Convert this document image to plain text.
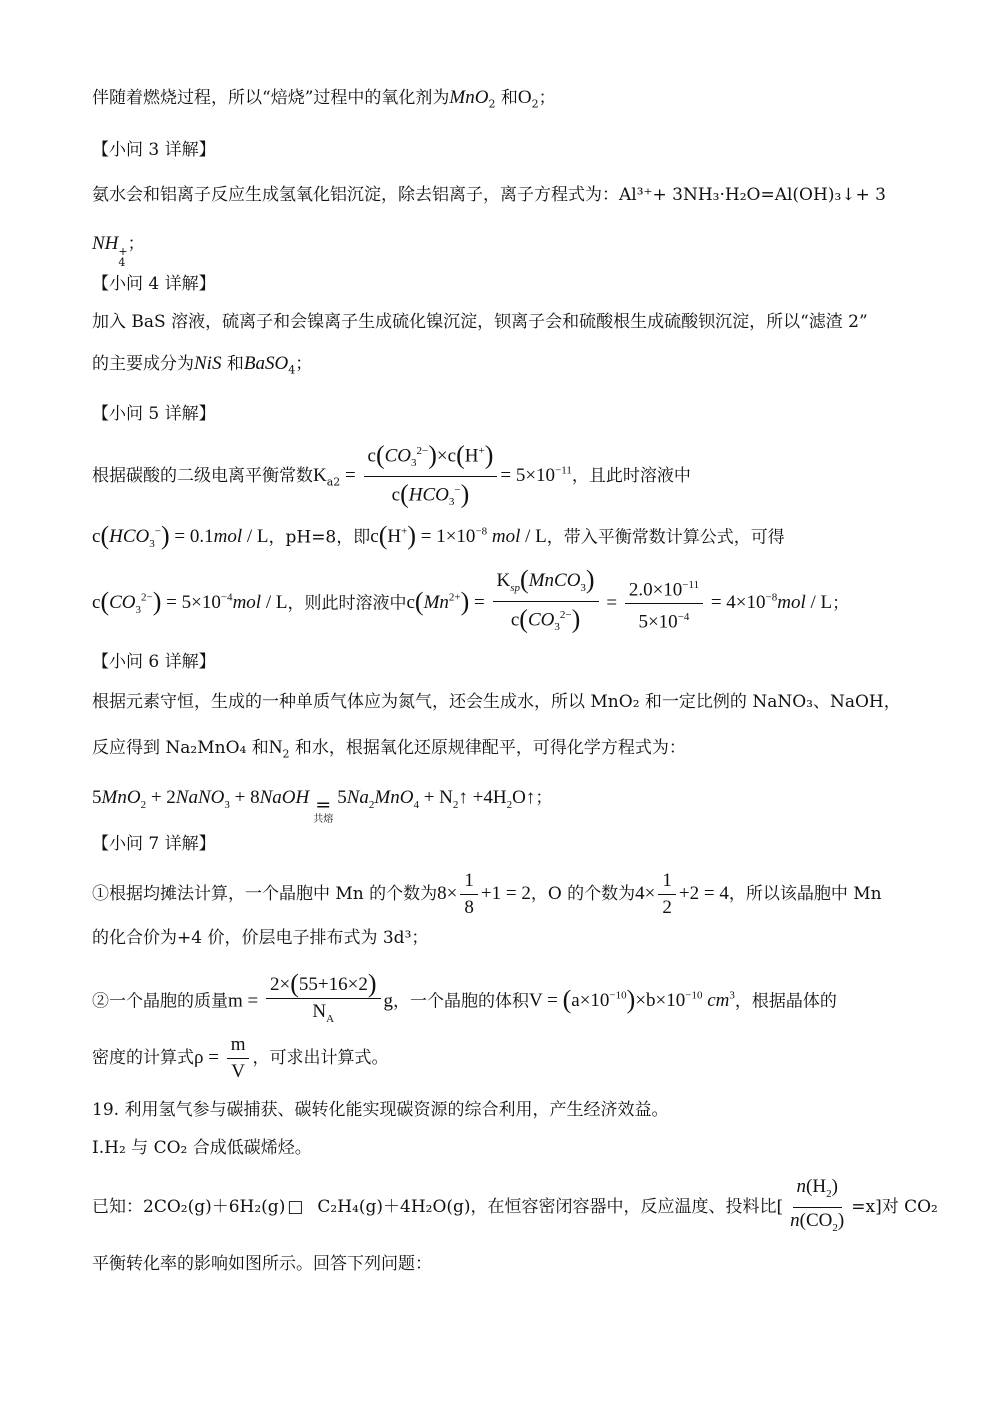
伴随着燃烧过程，所以“焙烧”过程中的氧化剂为MnO$_2$ 和$O_2$；
【小问 3 详解】
氨水会和铝离子反应生成氢氧化铝沉淀，除去铝离子，离子方程式为：Al³⁺+ 3NH₃·H₂O=Al(OH)₃↓+ 3
NH +
4
；
【小问 4 详解】
加入 BaS 溶液，硫离子和会镍离子生成硫化镍沉淀，钡离子会和硫酸根生成硫酸钡沉淀，所以“滤渣 2”
的主要成分为NiS 和BaSO$_4$；
【小问 5 详解】
根据碳酸的二级电离平衡常数$K_{a2} = \frac{c(CO_3^{2-})\times c(H^+)}{c(HCO_3^-)} = 5\times 10^{-11}$，且此时溶液中
$c(HCO_3^-) = 0.1mol / L$，pH=8，即$c(H^+) = 1\times 10^{-8}$ mol / L，带入平衡常数计算公式，可得
$c(CO_3^{2-}) = 5\times 10^{-4}mol / L$，则此时溶液中$c(Mn^{2+}) = \frac{K_{sp}(MnCO_3)}{c(CO_3^{2-})} = \frac{2.0\times 10^{-11}}{5\times 10^{-4}} = 4\times 10^{-8}mol / L$；
【小问 6 详解】
根据元素守恒，生成的一种单质气体应为氮气，还会生成水，所以 MnO₂ 和一定比例的 NaNO₃、NaOH，
反应得到 Na₂MnO₄ 和$N_2$ 和水，根据氧化还原规律配平，可得化学方程式为：
5MnO$_2$ + 2NaNO$_3$ + 8NaOH =
共熔
$5Na_2MnO_4$ + $N_2↑$ $+4H_2O↑$；
【小问 7 详解】
①根据均摊法计算，一个晶胞中 Mn 的个数为$8\times \frac{1}{8} +1 = 2$，O 的个数为$4\times \frac{1}{2} +2 = 4$，所以该晶胞中 Mn
的化合价为+4 价，价层电子排布式为 3d³；
②一个晶胞的质量$m = \frac{2\times(55+16\times 2)}{N_A}$ g，一个晶胞的体积$V = (a\times 10^{-10})\times b\times 10^{-10}$ $cm^3$，根据晶体的
密度的计算式$\rho = \frac{m}{V}$ ，可求出计算式。
19. 利用氢气参与碳捕获、碳转化能实现碳资源的综合利用，产生经济效益。
I.H₂ 与 CO₂ 合成低碳烯烃。
已知：2CO₂(g)＋6H₂(g) □ C₂H₄(g)＋4H₂O(g)，在恒容密闭容器中，反应温度、投料比[ $\frac{n(H_2)}{n(CO_2)} =x$]对 CO₂
平衡转化率的影响如图所示。回答下列问题：
